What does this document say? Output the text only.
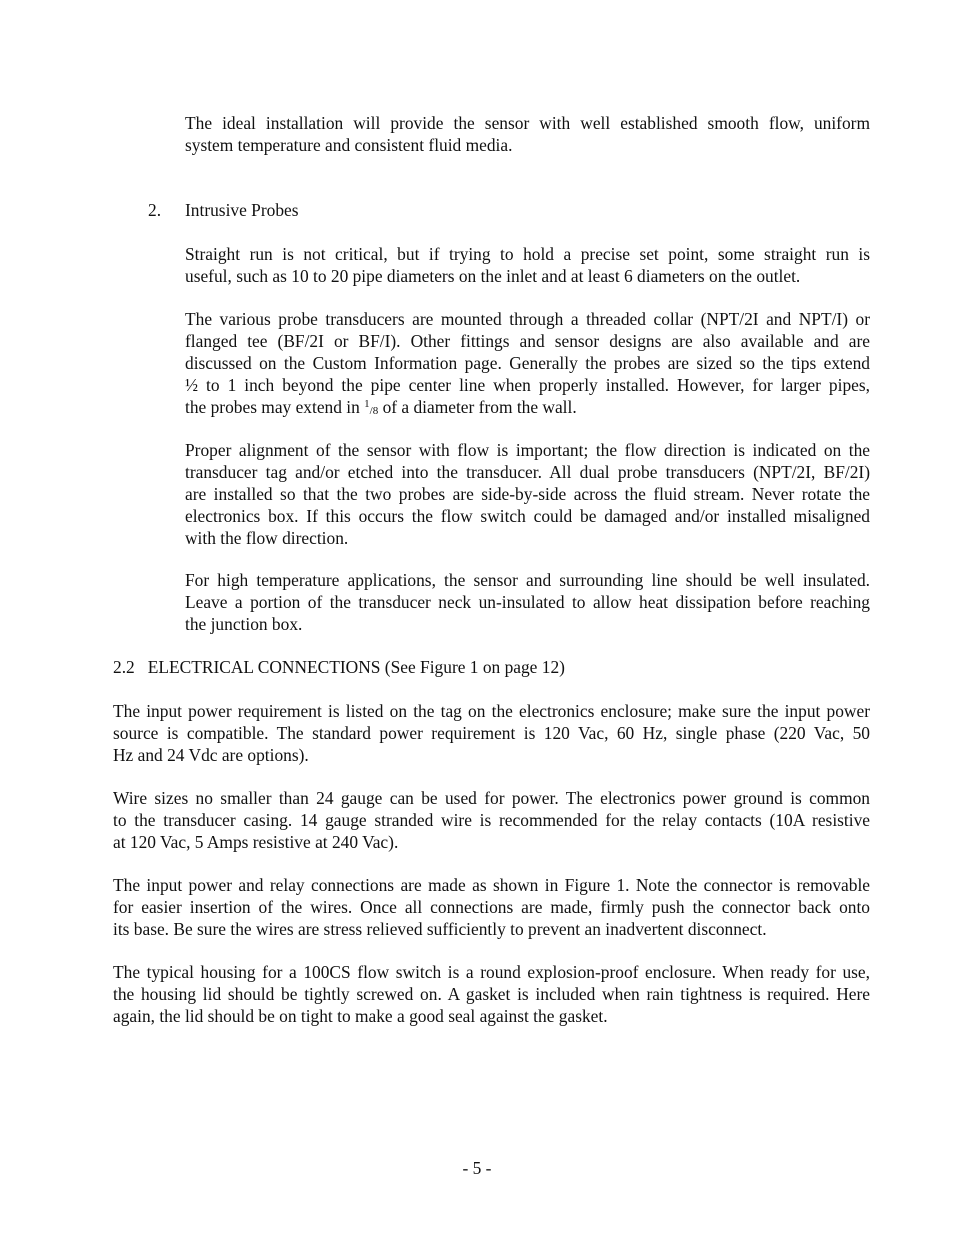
The ideal installation will provide the sensor with well established smooth flow, uniform
system temperature and consistent fluid media.
2. Intrusive Probes
Straight run is not critical, but if trying to hold a precise set point, some straight run is
useful, such as 10 to 20 pipe diameters on the inlet and at least 6 diameters on the outlet.
The various probe transducers are mounted through a threaded collar (NPT/2I and NPT/I) or
flanged tee (BF/2I or BF/I). Other fittings and sensor designs are also available and are
discussed on the Custom Information page. Generally the probes are sized so the tips extend
½ to 1 inch beyond the pipe center line when properly installed. However, for larger pipes,
the probes may extend in $^1_{/8}$ of a diameter from the wall.
Proper alignment of the sensor with flow is important; the flow direction is indicated on the
transducer tag and/or etched into the transducer. All dual probe transducers (NPT/2I, BF/2I)
are installed so that the two probes are side-by-side across the fluid stream. Never rotate the
electronics box. If this occurs the flow switch could be damaged and/or installed misaligned
with the flow direction.
For high temperature applications, the sensor and surrounding line should be well insulated.
Leave a portion of the transducer neck un-insulated to allow heat dissipation before reaching
the junction box.
2.2   ELECTRICAL CONNECTIONS (See Figure 1 on page 12)
The input power requirement is listed on the tag on the electronics enclosure; make sure the input power
source is compatible. The standard power requirement is 120 Vac, 60 Hz, single phase (220 Vac, 50
Hz and 24 Vdc are options).
Wire sizes no smaller than 24 gauge can be used for power. The electronics power ground is common
to the transducer casing. 14 gauge stranded wire is recommended for the relay contacts (10A resistive
at 120 Vac, 5 Amps resistive at 240 Vac).
The input power and relay connections are made as shown in Figure 1. Note the connector is removable
for easier insertion of the wires. Once all connections are made, firmly push the connector back onto
its base. Be sure the wires are stress relieved sufficiently to prevent an inadvertent disconnect.
The typical housing for a 100CS flow switch is a round explosion-proof enclosure. When ready for use,
the housing lid should be tightly screwed on. A gasket is included when rain tightness is required. Here
again, the lid should be on tight to make a good seal against the gasket.

- 5 -
